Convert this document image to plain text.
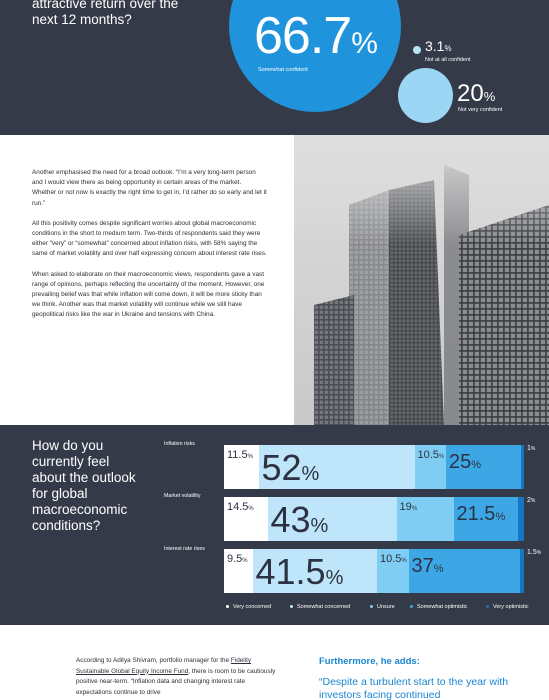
attractive return over the next 12 months?	66.7%
Somewhat confident
3.1%
Not at all confident
20%
Not very confident

Another emphasised the need for a broad outlook. “I’m a very long-term person and I would view there as being opportunity in certain areas of the market. Whether or not now is exactly the right time to get in, I’d rather do so early and let it run.”

All this positivity comes despite significant worries about global macroeconomic conditions in the short to medium term. Two-thirds of respondents said they were either “very” or “somewhat” concerned about inflation risks, with 58% saying the same of market volatility and over half expressing concern about interest rate rises.

When asked to elaborate on their macroeconomic views, respondents gave a vast range of opinions, perhaps reflecting the uncertainty of the moment. However, one prevailing belief was that while inflation will come down, it will be more sticky than we think. Another was that market volatility will continue while we still have geopolitical risks like the war in Ukraine and tensions with China.

How do you currently feel about the outlook for global macroeconomic conditions?
Inflation risks
Market volatility
Interest rate rises
11.5% 52%
10.5% 25%
14.5% 43%
19% 21.5%
9.5% 41.5%
10.5% 37%
1%
2%
1.5%
Very concerned	Somewhat concerned	Unsure	Somewhat optimistic	Very optimistic
According to Aditya Shivram, portfolio manager for the Fidelity Sustainable Global Equity Income Fund, there is room to be cautiously positive near-term. “Inflation data and changing interest rate expectations continue to drive
Furthermore, he adds:
“Despite a turbulent start to the year with investors facing continued
